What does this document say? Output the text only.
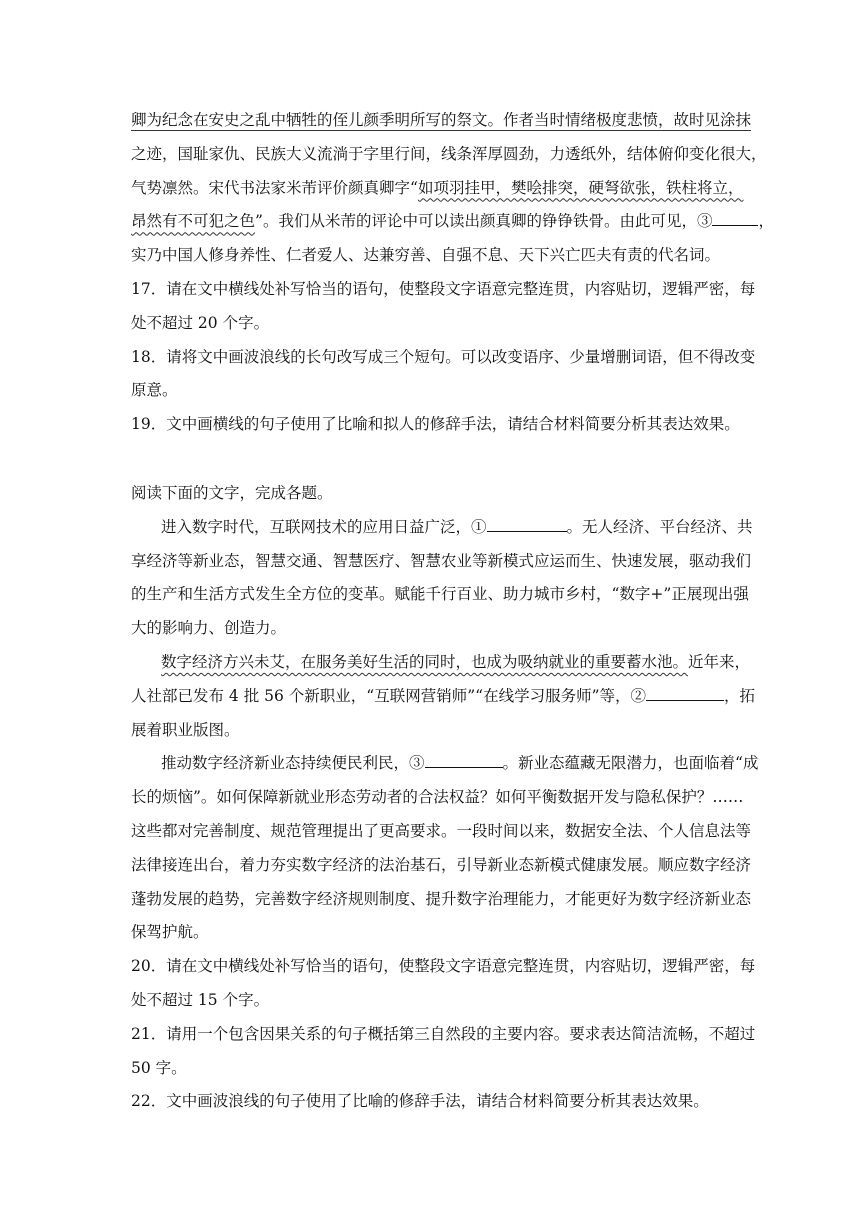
卿为纪念在安史之乱中牺牲的侄儿颜季明所写的祭文。作者当时情绪极度悲愤，故时见涂抹
之迹，国耻家仇、民族大义流淌于字里行间，线条浑厚圆劲，力透纸外，结体俯仰变化很大，
气势凛然。宋代书法家米芾评价颜真卿字“如项羽挂甲，樊哙排突，硬弩欲张，铁柱将立，
昂然有不可犯之色”。我们从米芾的评论中可以读出颜真卿的铮铮铁骨。由此可见，③	，
实乃中国人修身养性、仁者爱人、达兼穷善、自强不息、天下兴亡匹夫有责的代名词。
17．请在文中横线处补写恰当的语句，使整段文字语意完整连贯，内容贴切，逻辑严密，每
处不超过 20 个字。
18．请将文中画波浪线的长句改写成三个短句。可以改变语序、少量增删词语，但不得改变
原意。
19．文中画横线的句子使用了比喻和拟人的修辞手法，请结合材料简要分析其表达效果。
阅读下面的文字，完成各题。
进入数字时代，互联网技术的应用日益广泛，①	。无人经济、平台经济、共
享经济等新业态，智慧交通、智慧医疗、智慧农业等新模式应运而生、快速发展，驱动我们
的生产和生活方式发生全方位的变革。赋能千行百业、助力城市乡村，“数字+”正展现出强
大的影响力、创造力。
数字经济方兴未艾，在服务美好生活的同时，也成为吸纳就业的重要蓄水池。近年来，
人社部已发布 4 批 56 个新职业，“互联网营销师”“在线学习服务师”等，②	，拓
展着职业版图。
推动数字经济新业态持续便民利民，③	。新业态蕴藏无限潜力，也面临着“成
长的烦恼”。如何保障新就业形态劳动者的合法权益？如何平衡数据开发与隐私保护？……
这些都对完善制度、规范管理提出了更高要求。一段时间以来，数据安全法、个人信息法等
法律接连出台，着力夯实数字经济的法治基石，引导新业态新模式健康发展。顺应数字经济
蓬勃发展的趋势，完善数字经济规则制度、提升数字治理能力，才能更好为数字经济新业态
保驾护航。
20．请在文中横线处补写恰当的语句，使整段文字语意完整连贯，内容贴切，逻辑严密，每
处不超过 15 个字。
21．请用一个包含因果关系的句子概括第三自然段的主要内容。要求表达简洁流畅，不超过
50 字。
22．文中画波浪线的句子使用了比喻的修辞手法，请结合材料简要分析其表达效果。
